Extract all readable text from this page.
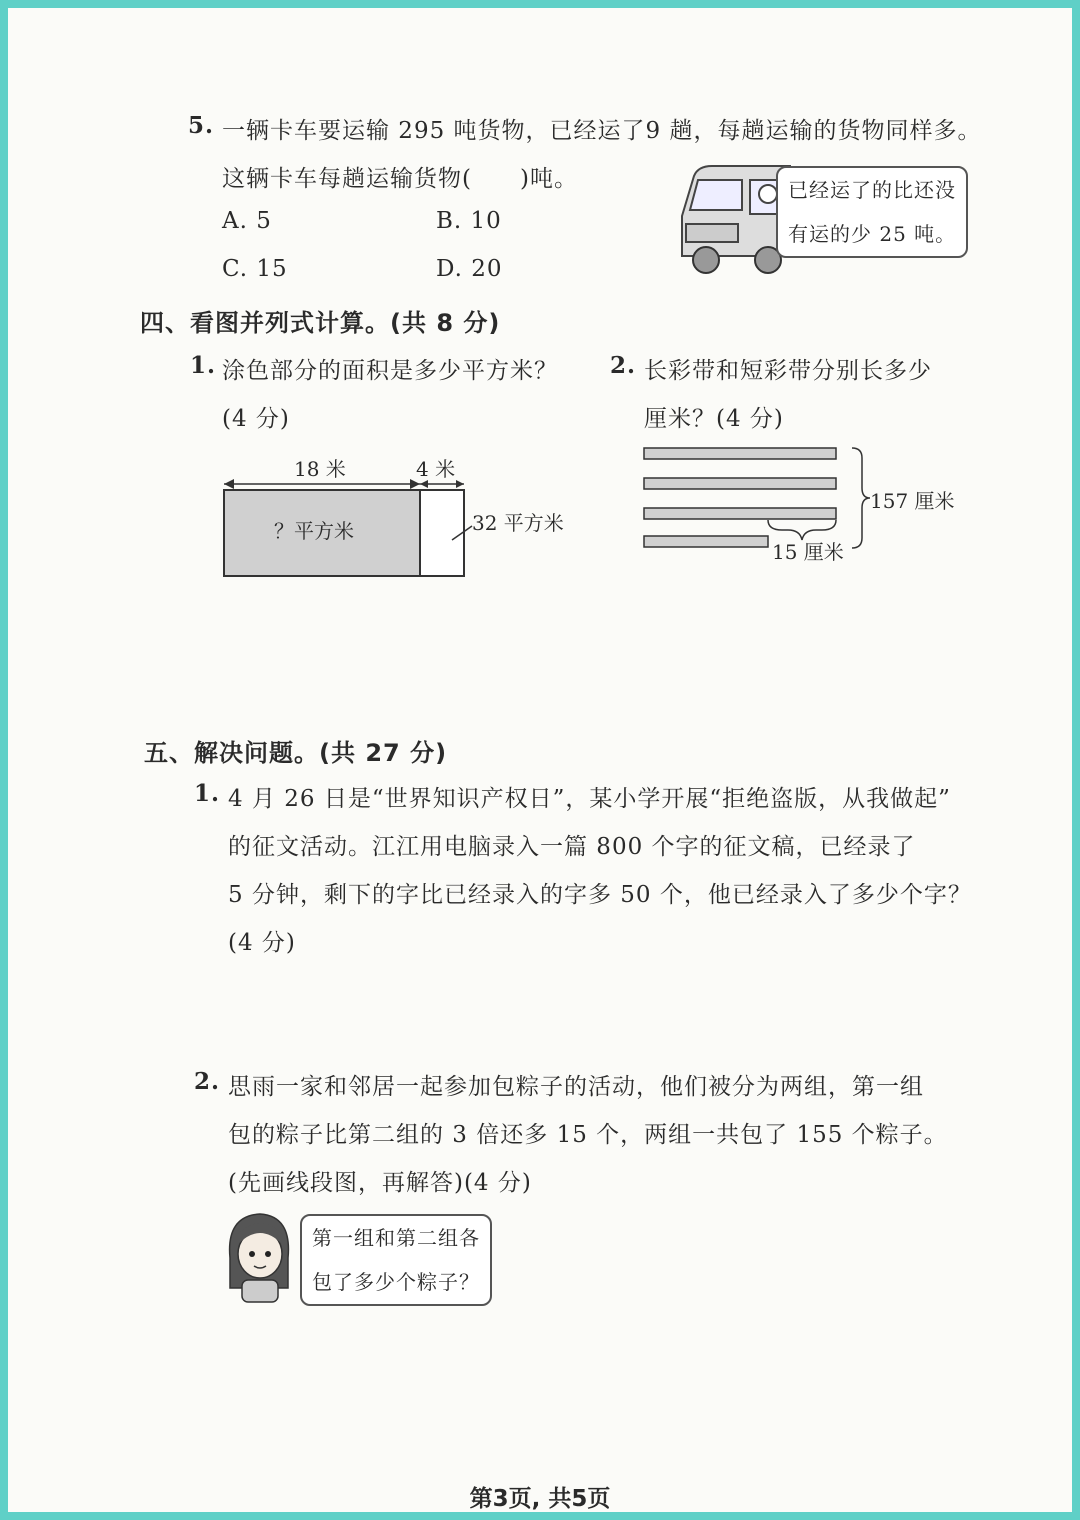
5. 一辆卡车要运输 295 吨货物，已经运了9 趟，每趟运输的货物同样多。
这辆卡车每趟运输货物(　　)吨。
A. 5	B. 10
C. 15	D. 20
已经运了的比还没
有运的少 25 吨。
四、看图并列式计算。(共 8 分)
1. 涂色部分的面积是多少平方米？
(4 分)
2. 长彩带和短彩带分别长多少
厘米？(4 分)
18 米	4 米
？平方米	32 平方米
157 厘米
15 厘米
五、解决问题。(共 27 分)
1. 4 月 26 日是“世界知识产权日”，某小学开展“拒绝盗版，从我做起”
的征文活动。江江用电脑录入一篇 800 个字的征文稿，已经录了
5 分钟，剩下的字比已经录入的字多 50 个，他已经录入了多少个字？
(4 分)
2. 思雨一家和邻居一起参加包粽子的活动，他们被分为两组，第一组
包的粽子比第二组的 3 倍还多 15 个，两组一共包了 155 个粽子。
(先画线段图，再解答)(4 分)
第一组和第二组各
包了多少个粽子？
第3页, 共5页
